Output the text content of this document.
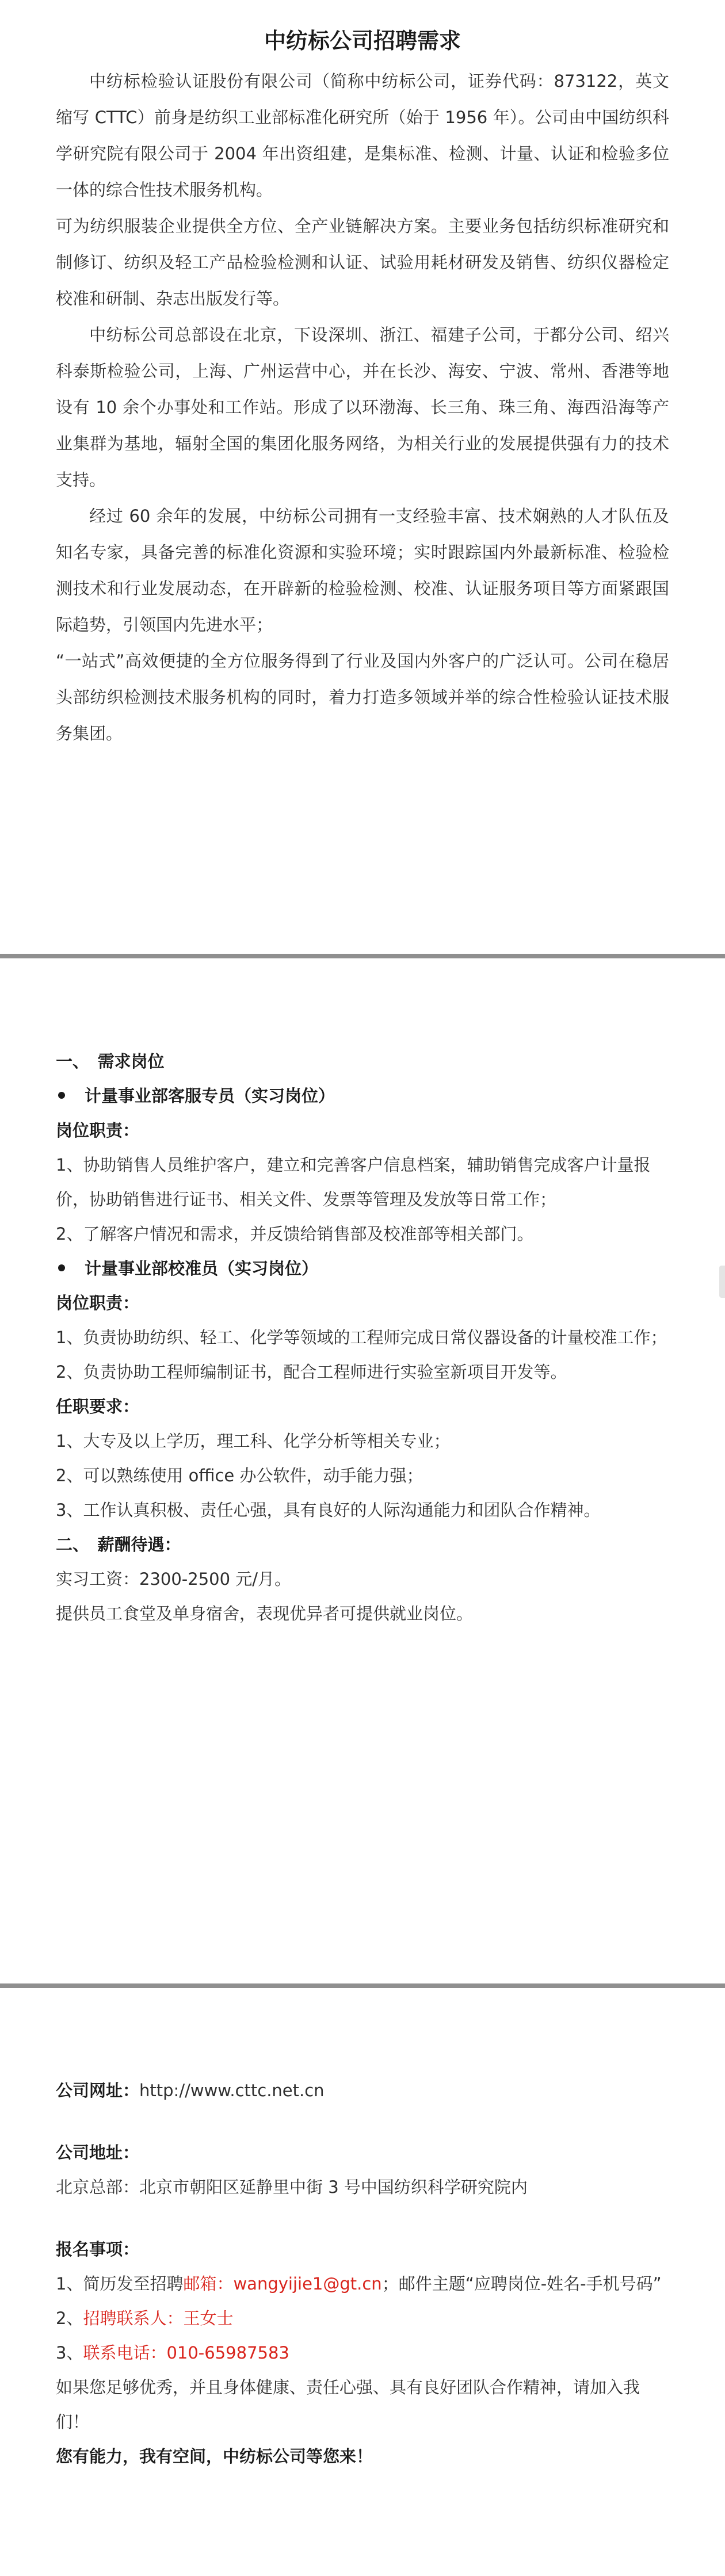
中纺标公司招聘需求

中纺标检验认证股份有限公司（简称中纺标公司，证券代码：873122，英文缩写 CTTC）前身是纺织工业部标准化研究所（始于 1956 年）。公司由中国纺织科学研究院有限公司于 2004 年出资组建，是集标准、检测、计量、认证和检验多位一体的综合性技术服务机构。

可为纺织服装企业提供全方位、全产业链解决方案。主要业务包括纺织标准研究和制修订、纺织及轻工产品检验检测和认证、试验用耗材研发及销售、纺织仪器检定校准和研制、杂志出版发行等。

中纺标公司总部设在北京，下设深圳、浙江、福建子公司，于都分公司、绍兴科泰斯检验公司，上海、广州运营中心，并在长沙、海安、宁波、常州、香港等地设有 10 余个办事处和工作站。形成了以环渤海、长三角、珠三角、海西沿海等产业集群为基地，辐射全国的集团化服务网络，为相关行业的发展提供强有力的技术支持。

经过 60 余年的发展，中纺标公司拥有一支经验丰富、技术娴熟的人才队伍及知名专家，具备完善的标准化资源和实验环境；实时跟踪国内外最新标准、检验检测技术和行业发展动态，在开辟新的检验检测、校准、认证服务项目等方面紧跟国际趋势，引领国内先进水平；

“一站式”高效便捷的全方位服务得到了行业及国内外客户的广泛认可。公司在稳居头部纺织检测技术服务机构的同时，着力打造多领域并举的综合性检验认证技术服务集团。

一、　需求岗位
计量事业部客服专员（实习岗位）
岗位职责：
1、协助销售人员维护客户，建立和完善客户信息档案，辅助销售完成客户计量报价，协助销售进行证书、相关文件、发票等管理及发放等日常工作；
2、了解客户情况和需求，并反馈给销售部及校准部等相关部门。
计量事业部校准员（实习岗位）
岗位职责：
1、负责协助纺织、轻工、化学等领域的工程师完成日常仪器设备的计量校准工作；
2、负责协助工程师编制证书，配合工程师进行实验室新项目开发等。
任职要求：
1、大专及以上学历，理工科、化学分析等相关专业；
2、可以熟练使用 office 办公软件，动手能力强；
3、工作认真积极、责任心强，具有良好的人际沟通能力和团队合作精神。
二、　薪酬待遇：
实习工资：2300-2500 元/月。
提供员工食堂及单身宿舍，表现优异者可提供就业岗位。
公司网址：http://www.cttc.net.cn
公司地址：
北京总部：北京市朝阳区延静里中街 3 号中国纺织科学研究院内
报名事项：
1、简历发至招聘邮箱：wangyijie1@gt.cn；邮件主题“应聘岗位-姓名-手机号码”
2、招聘联系人：王女士
3、联系电话：010-65987583
如果您足够优秀，并且身体健康、责任心强、具有良好团队合作精神，请加入我们！
您有能力，我有空间，中纺标公司等您来！
